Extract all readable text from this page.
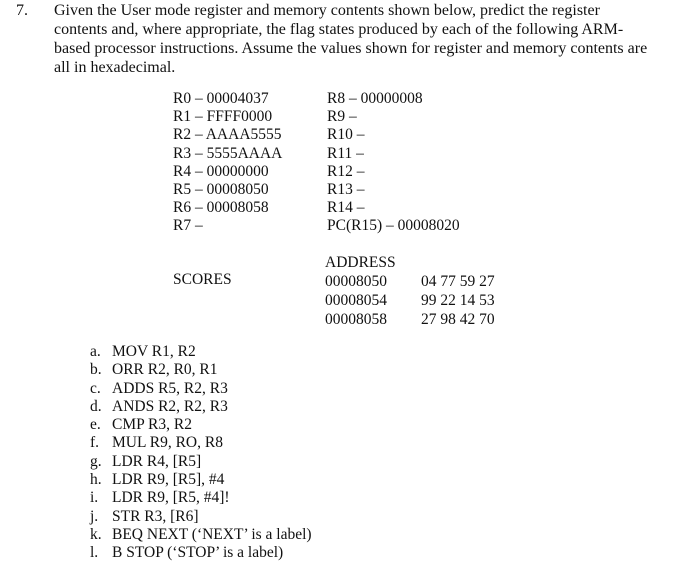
7. Given the User mode register and memory contents shown below, predict the register
contents and, where appropriate, the flag states produced by each of the following ARM-
based processor instructions. Assume the values shown for register and memory contents are
all in hexadecimal.
R0 – 00004037
R1 – FFFF0000
R2 – AAAA5555
R3 – 5555AAAA
R4 – 00000000
R5 – 00008050
R6 – 00008058
R7 –
R8 – 00000008
R9 –
R10 –
R11 –
R12 –
R13 –
R14 –
PC(R15) – 00008020
SCORES
ADDRESS
00008050 04 77 59 27
00008054 99 22 14 53
00008058 27 98 42 70
a. MOV R1, R2
b. ORR R2, R0, R1
c. ADDS R5, R2, R3
d. ANDS R2, R2, R3
e. CMP R3, R2
f. MUL R9, RO, R8
g. LDR R4, [R5]
h. LDR R9, [R5], #4
i. LDR R9, [R5, #4]!
j. STR R3, [R6]
k. BEQ NEXT (‘NEXT’ is a label)
l. B STOP (‘STOP’ is a label)
